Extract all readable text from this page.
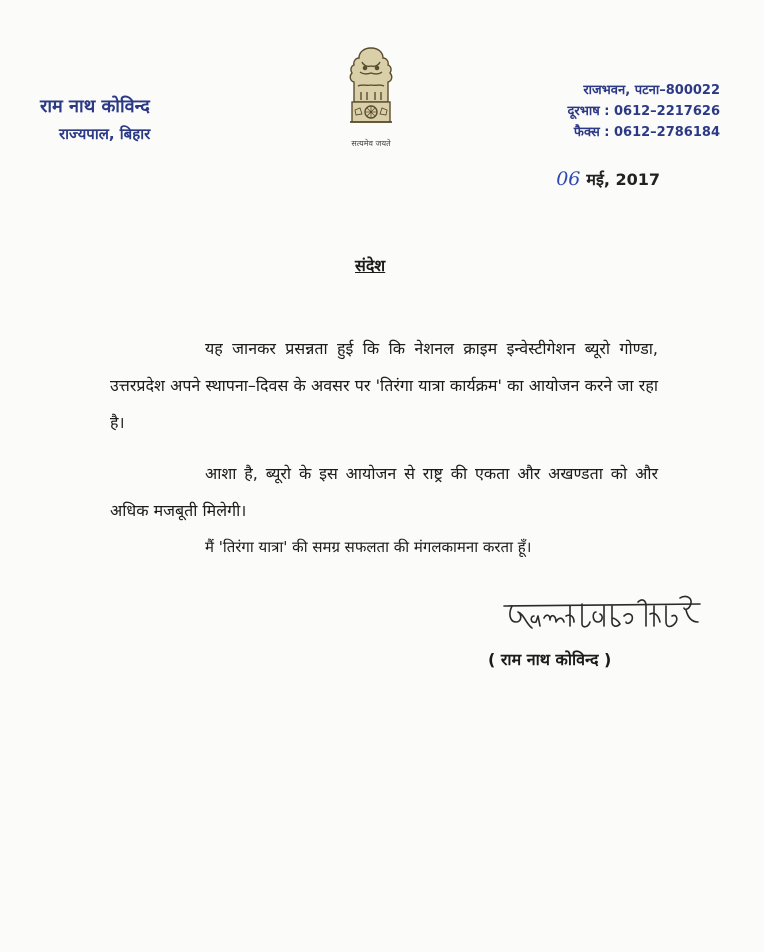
राम नाथ कोविन्द
राज्यपाल, बिहार
सत्यमेव जयते
राजभवन, पटना–800022
दूरभाष : 0612–2217626
फैक्स : 0612–2786184
06 मई, 2017
संदेश
यह जानकर प्रसन्नता हुई कि कि नेशनल क्राइम इन्वेस्टीगेशन ब्यूरो गोण्डा, उत्तरप्रदेश अपने स्थापना–दिवस के अवसर पर 'तिरंगा यात्रा कार्यक्रम' का आयोजन करने जा रहा है।
आशा है, ब्यूरो के इस आयोजन से राष्ट्र की एकता और अखण्डता को और अधिक मजबूती मिलेगी।
मैं 'तिरंगा यात्रा' की समग्र सफलता की मंगलकामना करता हूँ।
( राम नाथ कोविन्द )
